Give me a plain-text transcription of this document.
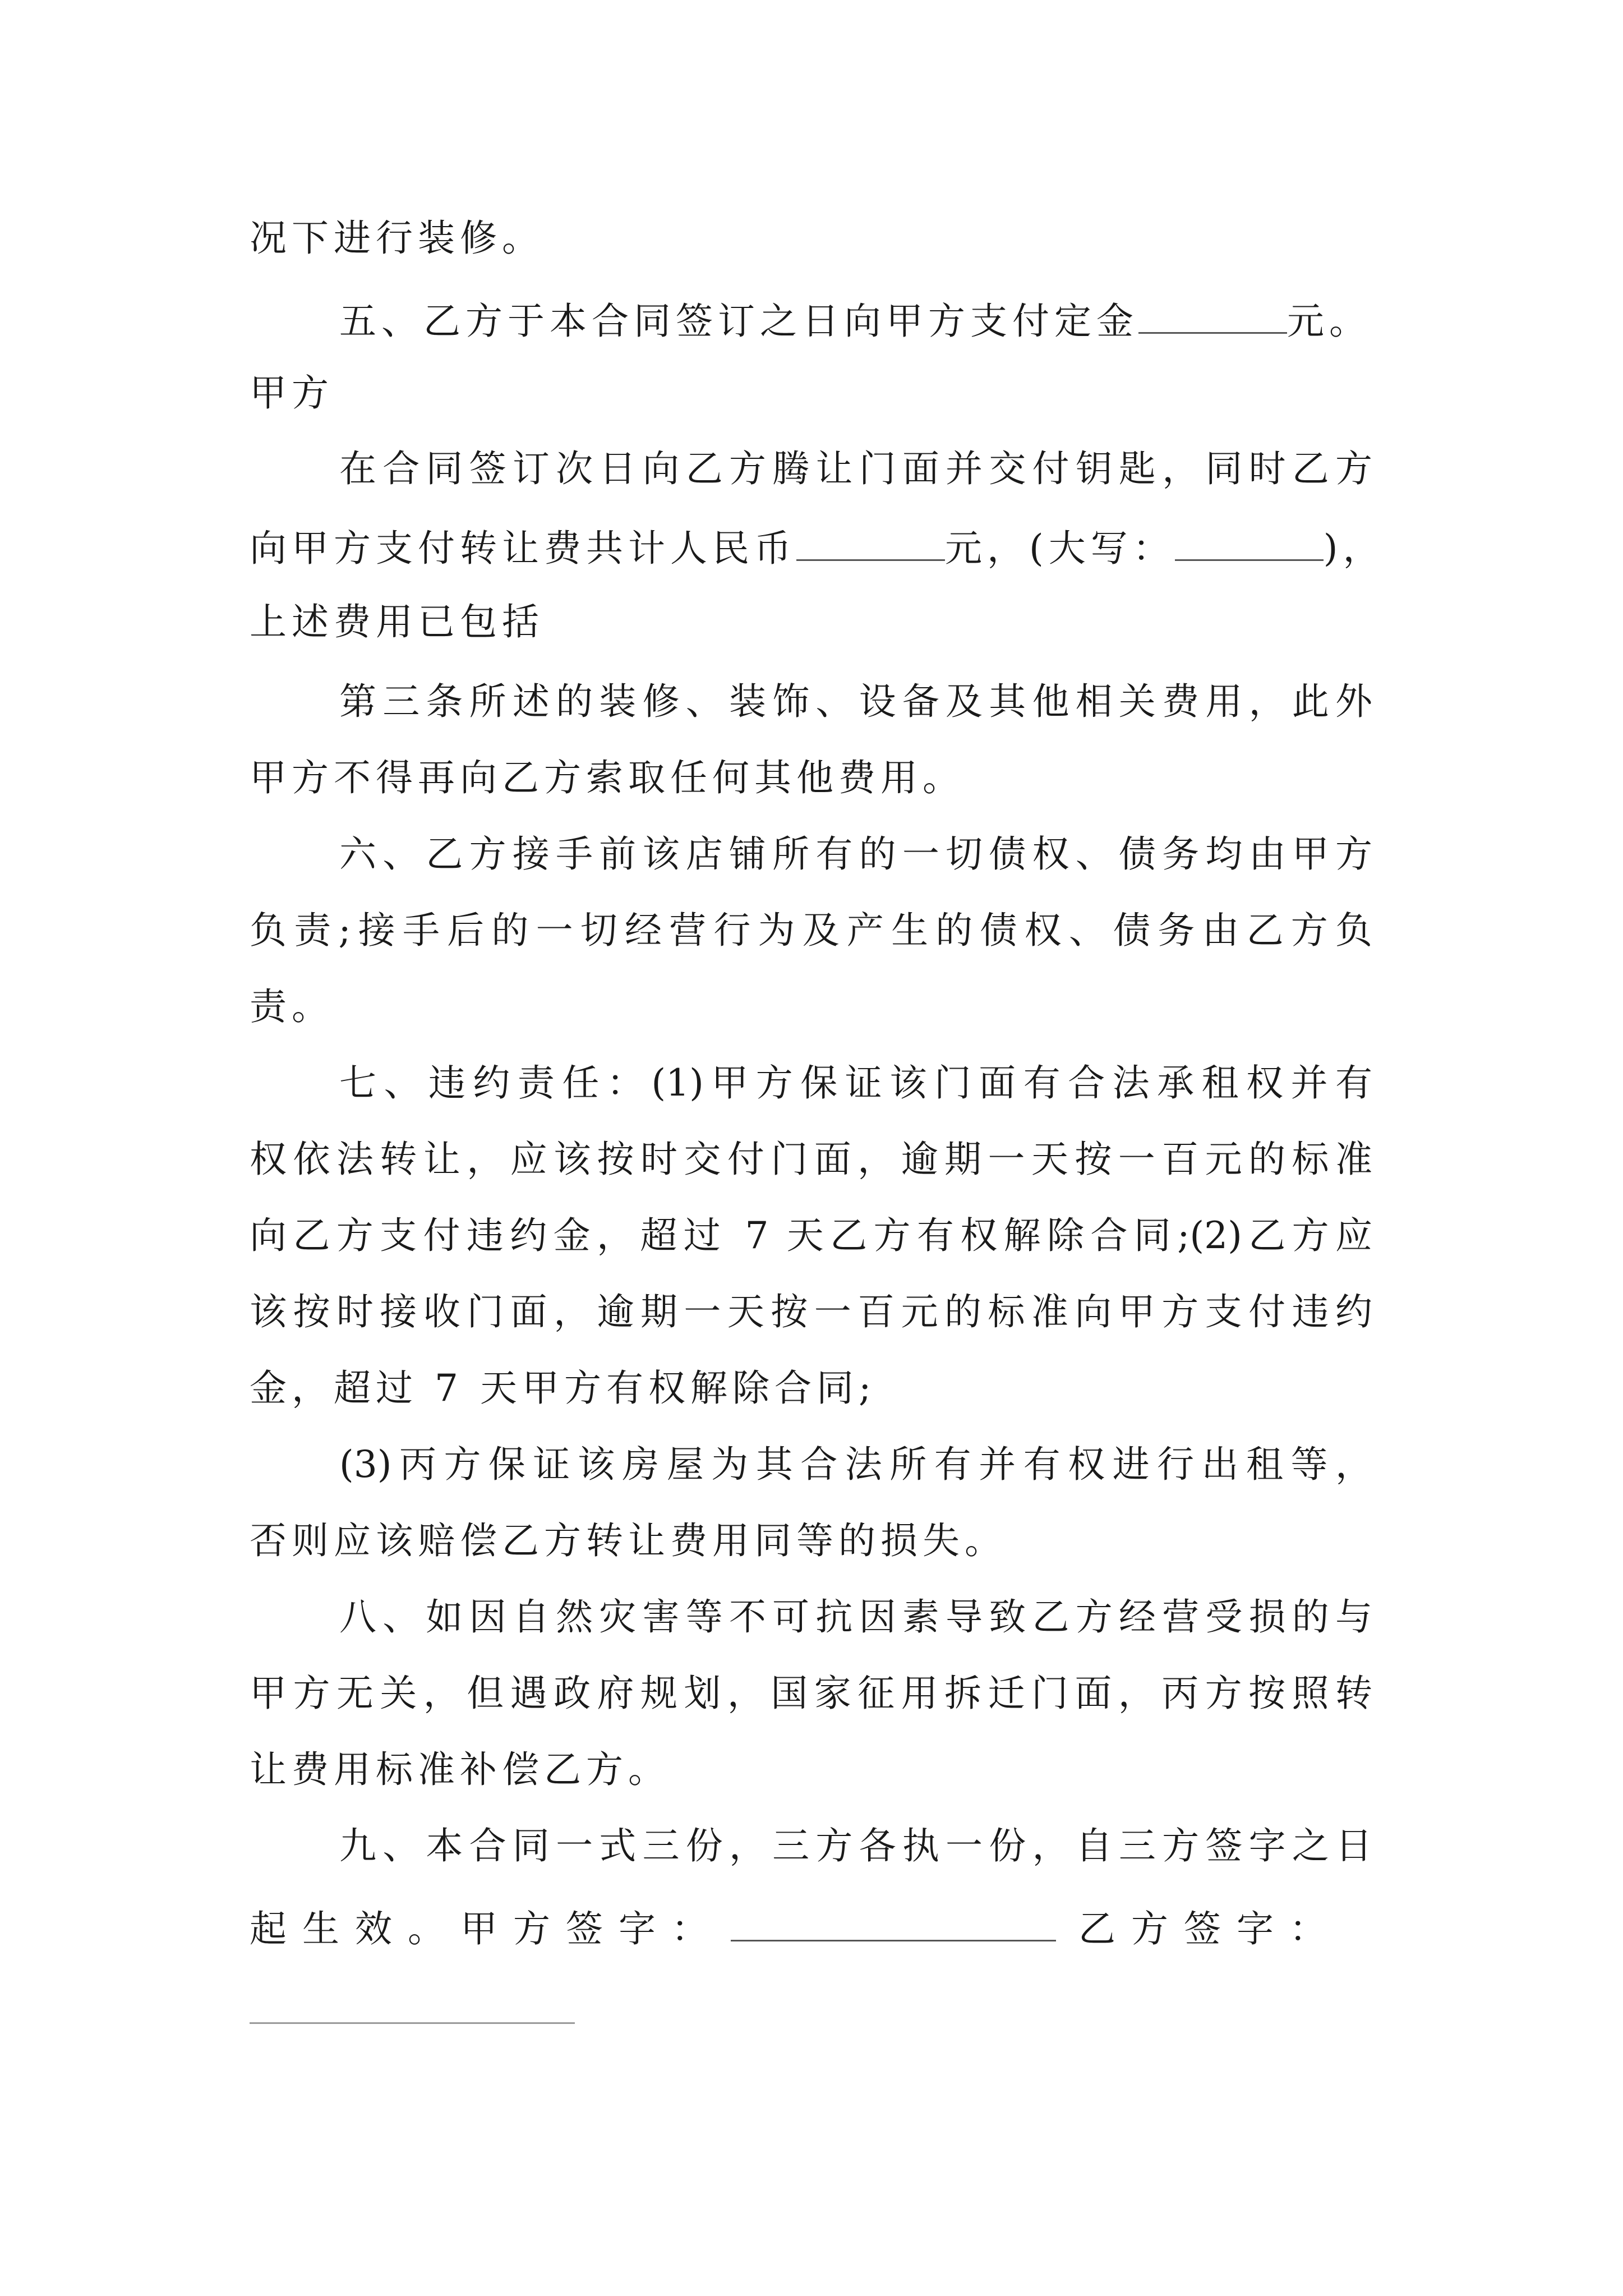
况下进行装修。
五、乙方于本合同签订之日向甲方支付定金	元。
甲方
在合同签订次日向乙方腾让门面并交付钥匙，同时乙方
向甲方支付转让费共计人民币	元，(大写：	)，
上述费用已包括
第三条所述的装修、装饰、设备及其他相关费用，此外
甲方不得再向乙方索取任何其他费用。
六、乙方接手前该店铺所有的一切债权、债务均由甲方
负责;接手后的一切经营行为及产生的债权、债务由乙方负
责。
七、违约责任：(1)甲方保证该门面有合法承租权并有
权依法转让，应该按时交付门面，逾期一天按一百元的标准
向乙方支付违约金，超过 7 天乙方有权解除合同;(2)乙方应
该按时接收门面，逾期一天按一百元的标准向甲方支付违约
金，超过 7 天甲方有权解除合同;
(3)丙方保证该房屋为其合法所有并有权进行出租等，
否则应该赔偿乙方转让费用同等的损失。
八、如因自然灾害等不可抗因素导致乙方经营受损的与
甲方无关，但遇政府规划，国家征用拆迁门面，丙方按照转
让费用标准补偿乙方。
九、本合同一式三份，三方各执一份，自三方签字之日
起生效。甲方签字：	乙方签字：
